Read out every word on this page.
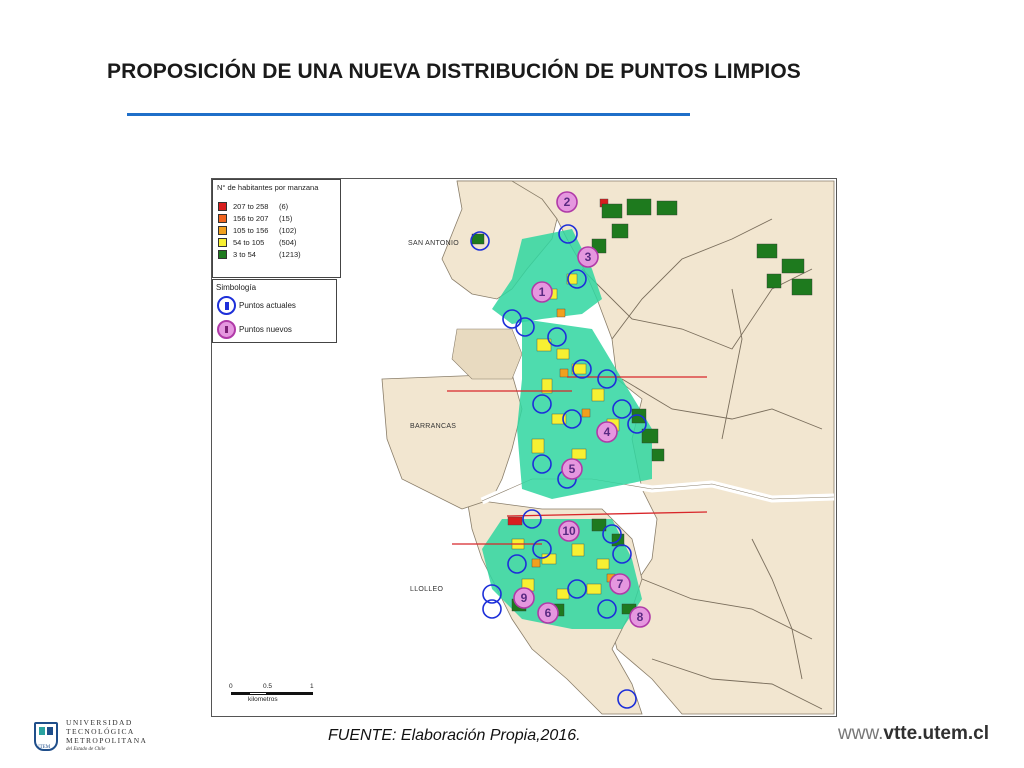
PROPOSICIÓN DE UNA NUEVA DISTRIBUCIÓN DE PUNTOS LIMPIOS
1
2
3
4
5
6
7
8
9
10
SAN ANTONIO
BARRANCAS
LLOLLEO
N° de habitantes por manzana
207 to 258	(6)
156 to 207	(15)
105 to 156	(102)
54 to 105	(504)
3 to 54	(1213)
Simbología
Puntos actuales
Puntos nuevos
0	0.5	1
kilometros
FUENTE: Elaboración Propia,2016.
UNIVERSIDAD
TECNOLÓGICA
METROPOLITANA
del Estado de Chile
UTEM
www.vtte.utem.cl
